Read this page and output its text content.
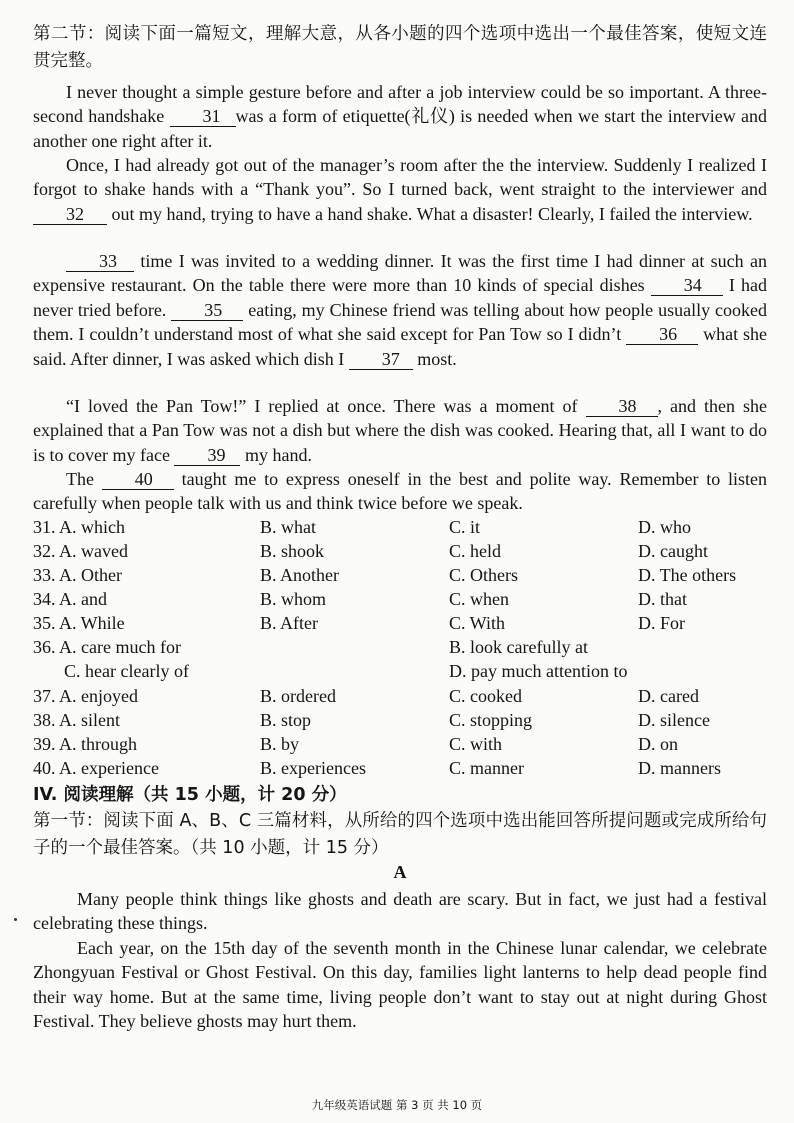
第二节：阅读下面一篇短文，理解大意，从各小题的四个选项中选出一个最佳答案，使短文连贯完整。
I never thought a simple gesture before and after a job interview could be so important. A three-second handshake 31 was a form of etiquette(礼仪) is needed when we start the interview and another one right after it.
Once, I had already got out of the manager’s room after the the interview. Suddenly I realized I forgot to shake hands with a “Thank you”. So I turned back, went straight to the interviewer and 32 out my hand, trying to have a hand shake. What a disaster! Clearly, I failed the interview.
33 time I was invited to a wedding dinner. It was the first time I had dinner at such an expensive restaurant. On the table there were more than 10 kinds of special dishes 34 I had never tried before. 35 eating, my Chinese friend was telling about how people usually cooked them. I couldn’t understand most of what she said except for Pan Tow so I didn’t 36 what she said. After dinner, I was asked which dish I 37 most.
“I loved the Pan Tow!” I replied at once. There was a moment of 38 , and then she explained that a Pan Tow was not a dish but where the dish was cooked. Hearing that, all I want to do is to cover my face 39 my hand.
The 40 taught me to express oneself in the best and polite way. Remember to listen carefully when people talk with us and think twice before we speak.
31. A. which	B. what	C. it	D. who
32. A. waved	B. shook	C. held	D. caught
33. A. Other	B. Another	C. Others	D. The others
34. A. and	B. whom	C. when	D. that
35. A. While	B. After	C. With	D. For
36. A. care much for	B. look carefully at
C. hear clearly of	D. pay much attention to
37. A. enjoyed	B. ordered	C. cooked	D. cared
38. A. silent	B. stop	C. stopping	D. silence
39. A. through	B. by	C. with	D. on
40. A. experience	B. experiences	C. manner	D. manners
IV. 阅读理解（共 15 小题，计 20 分）
第一节：阅读下面 A、B、C 三篇材料，从所给的四个选项中选出能回答所提问题或完成所给句子的一个最佳答案。（共 10 小题，计 15 分）
A
Many people think things like ghosts and death are scary. But in fact, we just had a festival celebrating these things.
Each year, on the 15th day of the seventh month in the Chinese lunar calendar, we celebrate Zhongyuan Festival or Ghost Festival. On this day, families light lanterns to help dead people find their way home. But at the same time, living people don’t want to stay out at night during Ghost Festival. They believe ghosts may hurt them.
九年级英语试题 第 3 页 共 10 页
